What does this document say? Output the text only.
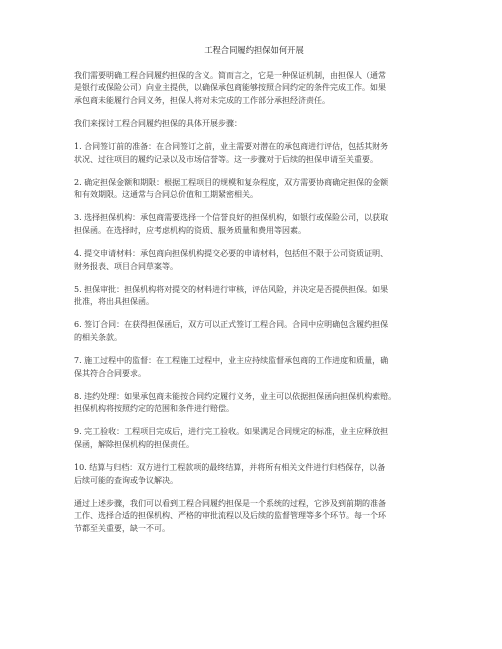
工程合同履约担保如何开展

我们需要明确工程合同履约担保的含义。简而言之，它是一种保证机制，由担保人（通常
是银行或保险公司）向业主提供，以确保承包商能够按照合同约定的条件完成工作。如果
承包商未能履行合同义务，担保人将对未完成的工作部分承担经济责任。

我们来探讨工程合同履约担保的具体开展步骤：

1. 合同签订前的准备：在合同签订之前，业主需要对潜在的承包商进行评估，包括其财务
状况、过往项目的履约记录以及市场信誉等。这一步骤对于后续的担保申请至关重要。

2. 确定担保金额和期限：根据工程项目的规模和复杂程度，双方需要协商确定担保的金额
和有效期限。这通常与合同总价值和工期紧密相关。

3. 选择担保机构：承包商需要选择一个信誉良好的担保机构，如银行或保险公司，以获取
担保函。在选择时，应考虑机构的资质、服务质量和费用等因素。

4. 提交申请材料：承包商向担保机构提交必要的申请材料，包括但不限于公司资质证明、
财务报表、项目合同草案等。

5. 担保审批：担保机构将对提交的材料进行审核，评估风险，并决定是否提供担保。如果
批准，将出具担保函。

6. 签订合同：在获得担保函后，双方可以正式签订工程合同。合同中应明确包含履约担保
的相关条款。

7. 施工过程中的监督：在工程施工过程中，业主应持续监督承包商的工作进度和质量，确
保其符合合同要求。

8. 违约处理：如果承包商未能按合同约定履行义务，业主可以依据担保函向担保机构索赔。
担保机构将按照约定的范围和条件进行赔偿。

9. 完工验收：工程项目完成后，进行完工验收。如果满足合同规定的标准，业主应释放担
保函，解除担保机构的担保责任。

10. 结算与归档：双方进行工程款项的最终结算，并将所有相关文件进行归档保存，以备
后续可能的查询或争议解决。

通过上述步骤，我们可以看到工程合同履约担保是一个系统的过程，它涉及到前期的准备
工作、选择合适的担保机构、严格的审批流程以及后续的监督管理等多个环节。每一个环
节都至关重要，缺一不可。
